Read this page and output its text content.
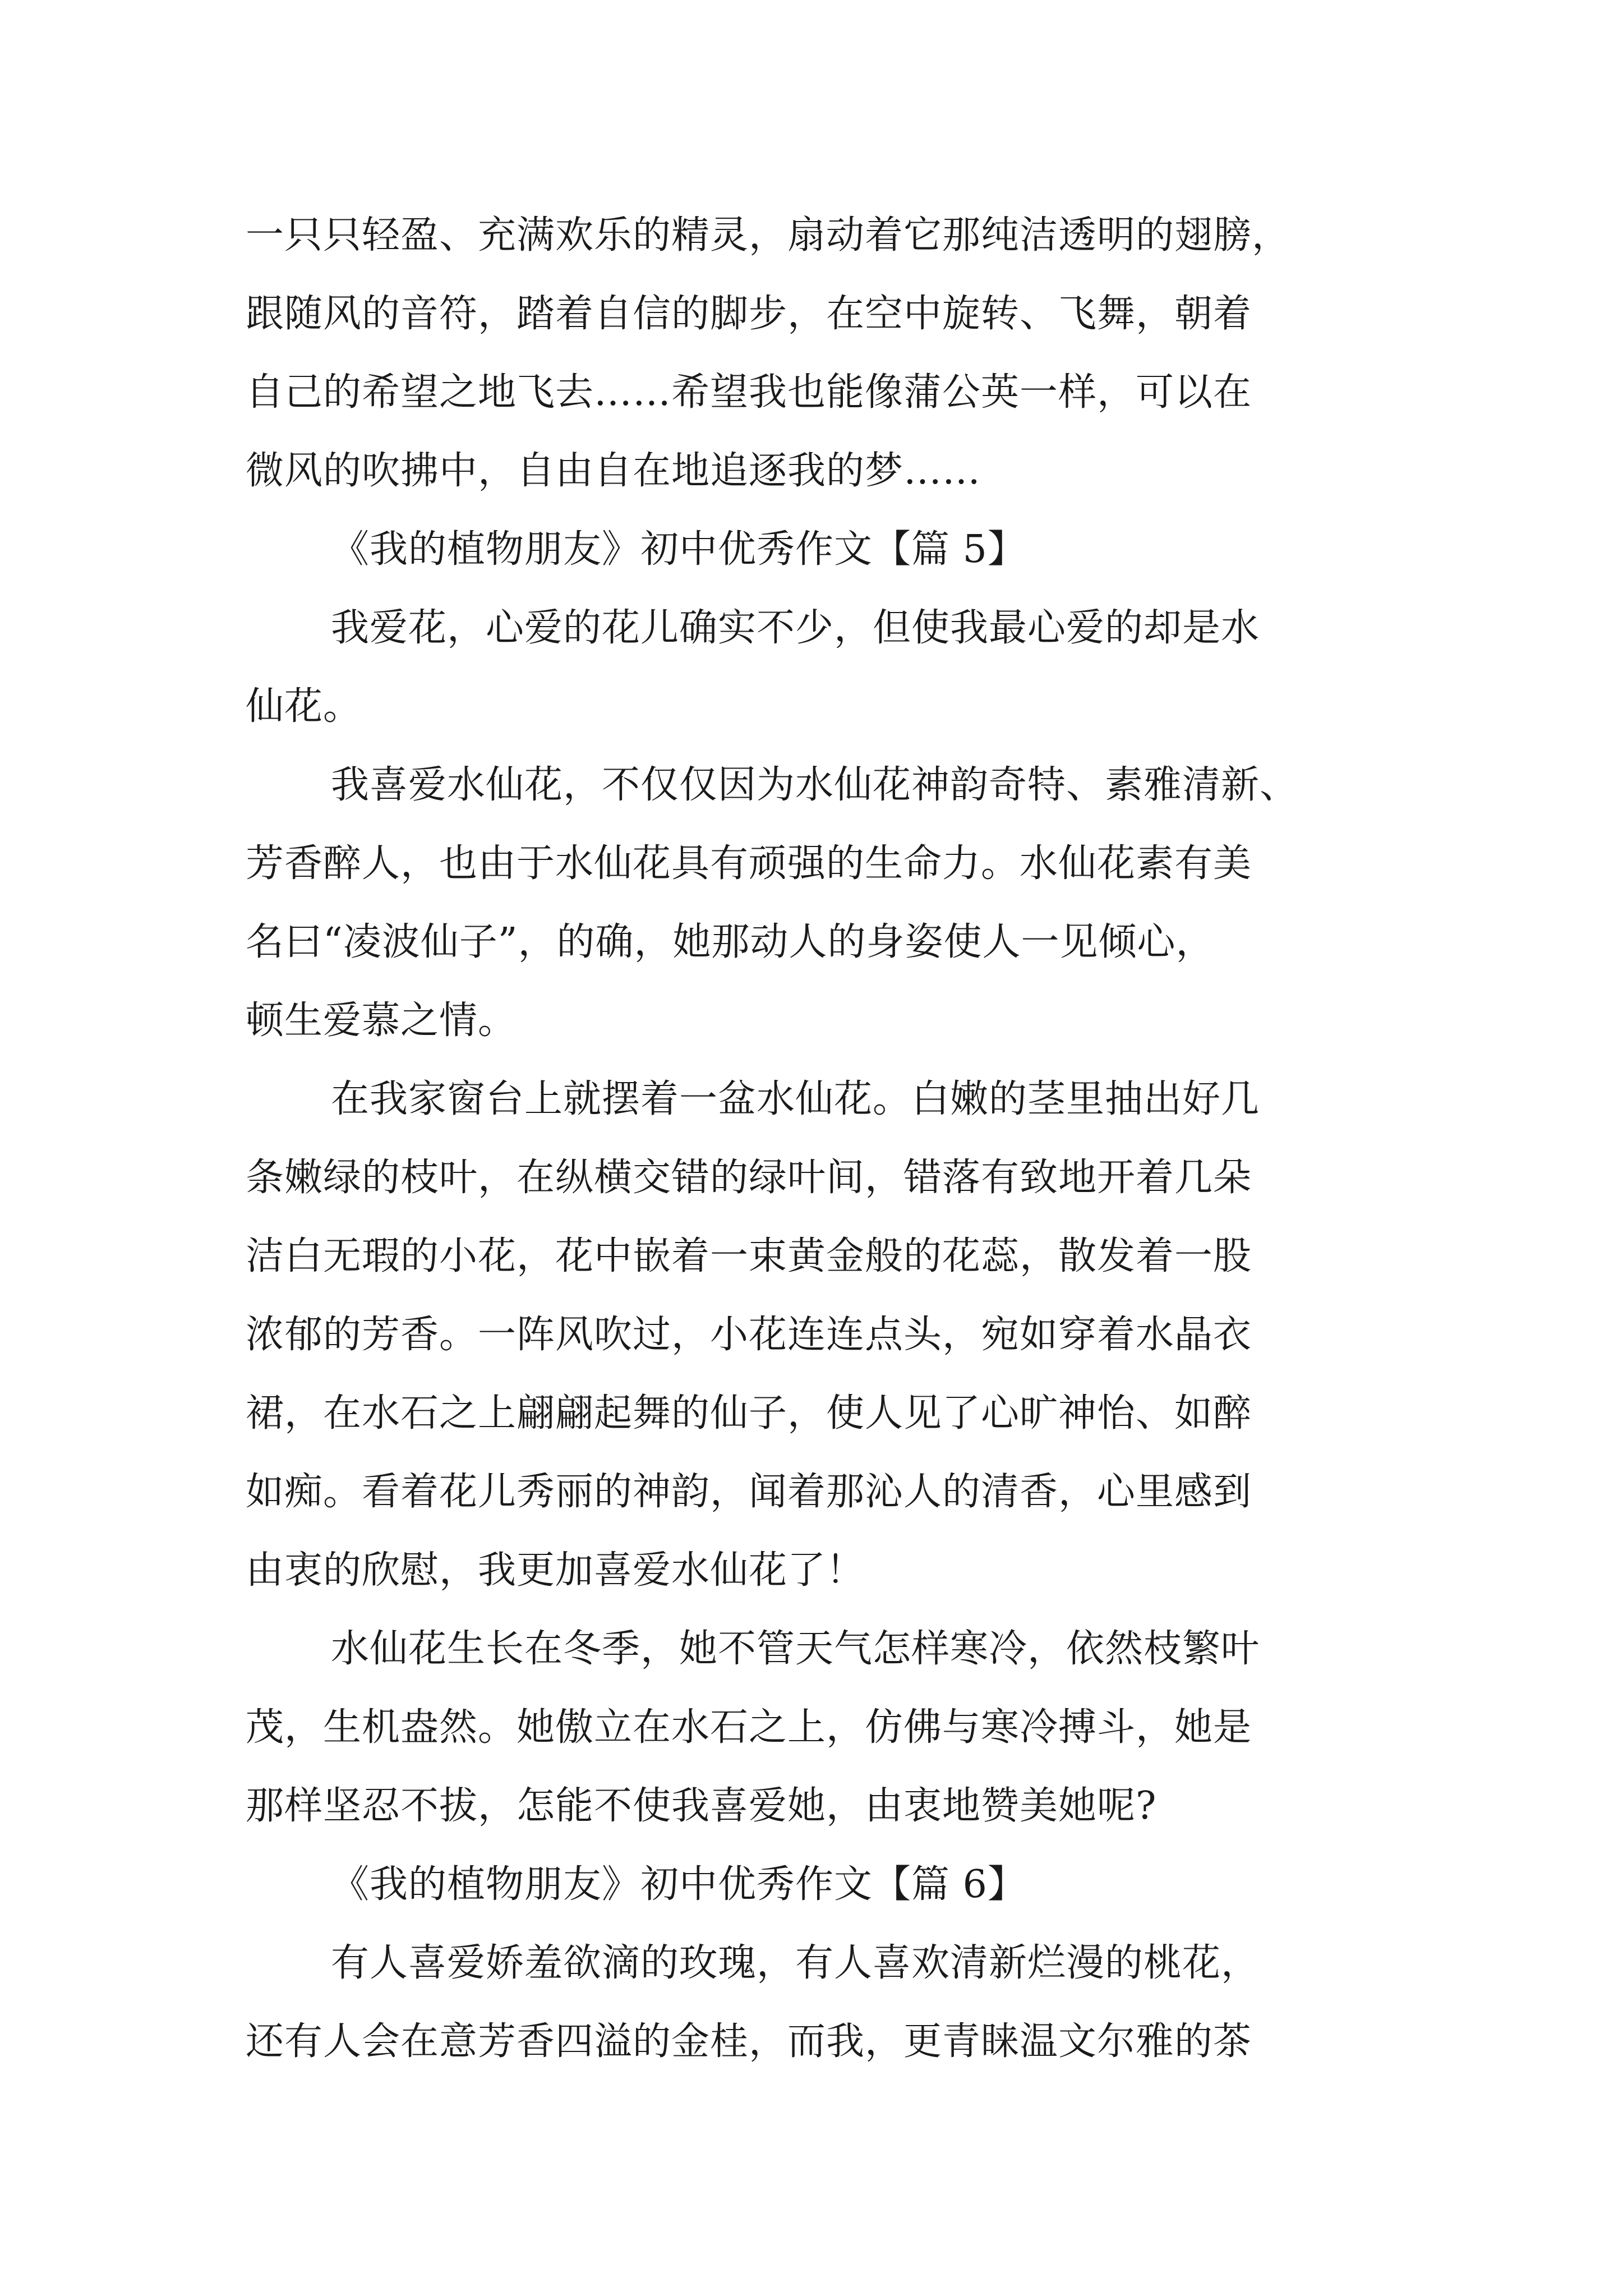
一只只轻盈、充满欢乐的精灵，扇动着它那纯洁透明的翅膀，
跟随风的音符，踏着自信的脚步，在空中旋转、飞舞，朝着
自己的希望之地飞去……希望我也能像蒲公英一样，可以在
微风的吹拂中，自由自在地追逐我的梦……
《我的植物朋友》初中优秀作文【篇 5】
我爱花，心爱的花儿确实不少，但使我最心爱的却是水
仙花。
我喜爱水仙花，不仅仅因为水仙花神韵奇特、素雅清新、
芳香醉人，也由于水仙花具有顽强的生命力。水仙花素有美
名曰“凌波仙子”，的确，她那动人的身姿使人一见倾心，
顿生爱慕之情。
在我家窗台上就摆着一盆水仙花。白嫩的茎里抽出好几
条嫩绿的枝叶，在纵横交错的绿叶间，错落有致地开着几朵
洁白无瑕的小花，花中嵌着一束黄金般的花蕊，散发着一股
浓郁的芳香。一阵风吹过，小花连连点头，宛如穿着水晶衣
裙，在水石之上翩翩起舞的仙子，使人见了心旷神怡、如醉
如痴。看着花儿秀丽的神韵，闻着那沁人的清香，心里感到
由衷的欣慰，我更加喜爱水仙花了！
水仙花生长在冬季，她不管天气怎样寒冷，依然枝繁叶
茂，生机盎然。她傲立在水石之上，仿佛与寒冷搏斗，她是
那样坚忍不拔，怎能不使我喜爱她，由衷地赞美她呢?
《我的植物朋友》初中优秀作文【篇 6】
有人喜爱娇羞欲滴的玫瑰，有人喜欢清新烂漫的桃花，
还有人会在意芳香四溢的金桂，而我，更青睐温文尔雅的茶
